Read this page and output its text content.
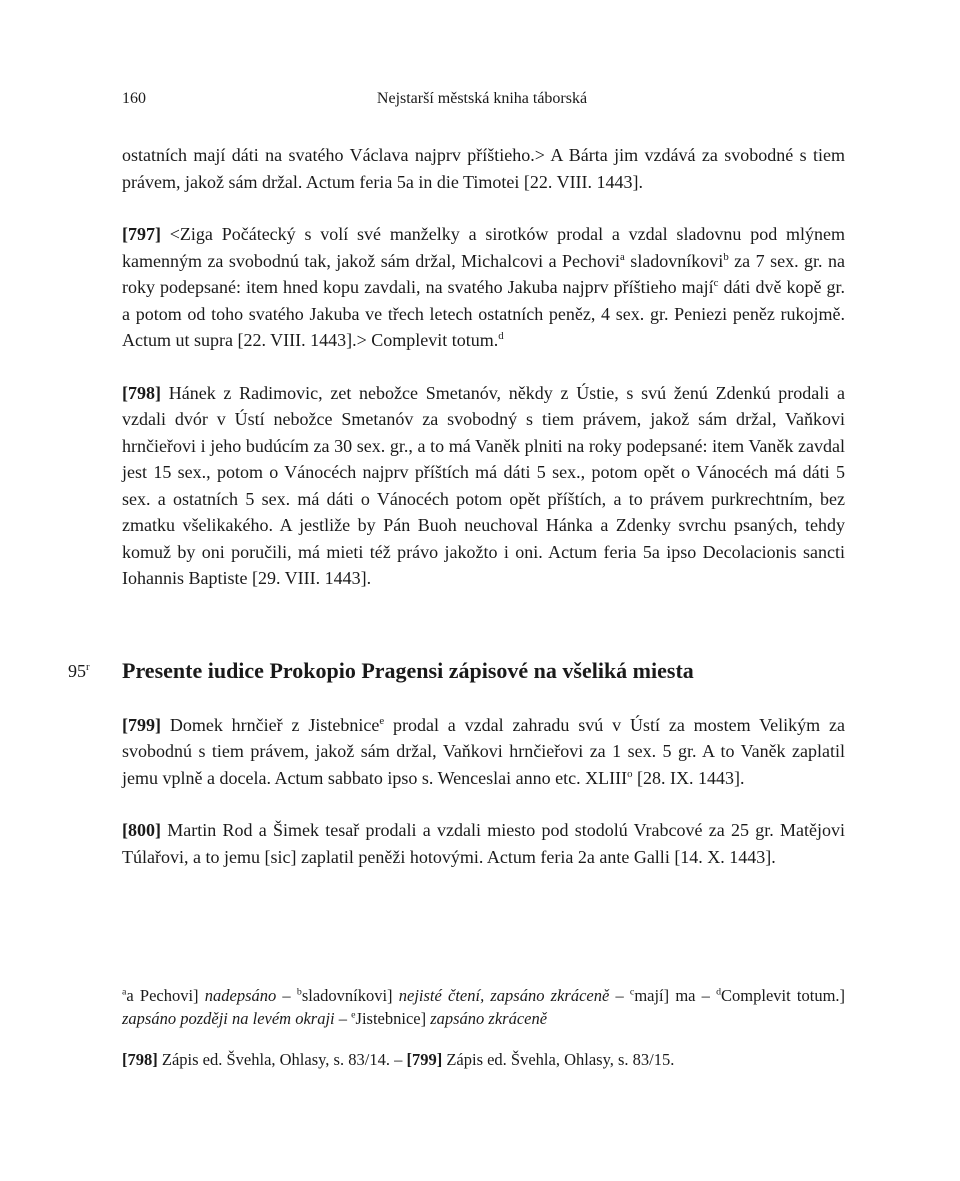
160	Nejstarší městská kniha táborská

ostatních mají dáti na svatého Václava najprv příštieho.> A Bárta jim vzdává za svobodné s tiem právem, jakož sám držal. Actum feria 5a in die Timotei [22. VIII. 1443].

[797] <Ziga Počátecký s volí své manželky a sirotków prodal a vzdal sladovnu pod mlýnem kamenným za svobodnú tak, jakož sám držal, Michalcovi a Pechovi$^a$ sladovníkovi$^b$ za 7 sex. gr. na roky podepsané: item hned kopu zavdali, na svatého Jakuba najprv příštieho mají$^c$ dáti dvě kopě gr. a potom od toho svatého Jakuba ve třech letech ostatních peněz, 4 sex. gr. Peniezi peněz rukojmě. Actum ut supra [22. VIII. 1443].> Complevit totum.$^d$

[798] Hánek z Radimovic, zet nebožce Smetanóv, někdy z Ústie, s svú ženú Zdenkú prodali a vzdali dvór v Ústí nebožce Smetanóv za svobodný s tiem právem, jakož sám držal, Vaňkovi hrnčieřovi i jeho budúcím za 30 sex. gr., a to má Vaněk plniti na roky podepsané: item Vaněk zavdal jest 15 sex., potom o Vánocéch najprv příštích má dáti 5 sex., potom opět o Vánocéch má dáti 5 sex. a ostatních 5 sex. má dáti o Vánocéch potom opět příštích, a to právem purkrechtním, bez zmatku všelikakého. A jestliže by Pán Buoh neuchoval Hánka a Zdenky svrchu psaných, tehdy komuž by oni poručili, má mieti též právo jakožto i oni. Actum feria 5a ipso Decolacionis sancti Iohannis Baptiste [29. VIII. 1443].

95$^r$ Presente iudice Prokopio Pragensi zápisové na všeliká miesta

[799] Domek hrnčieř z Jistebnice$^e$ prodal a vzdal zahradu svú v Ústí za mostem Velikým za svobodnú s tiem právem, jakož sám držal, Vaňkovi hrnčieřovi za 1 sex. 5 gr. A to Vaněk zaplatil jemu vplně a docela. Actum sabbato ipso s. Wenceslai anno etc. XLIII$^o$ [28. IX. 1443].

[800] Martin Rod a Šimek tesař prodali a vzdali miesto pod stodolú Vrabcové za 25 gr. Matějovi Túlařovi, a to jemu [sic] zaplatil peněži hotovými. Actum feria 2a ante Galli [14. X. 1443].

$^a$a Pechovi] nadepsáno – $^b$sladovníkovi] nejisté čtení, zapsáno zkráceně – $^c$mají] ma – $^d$Complevit totum.] zapsáno později na levém okraji – $^e$Jistebnice] zapsáno zkráceně

[798] Zápis ed. Švehla, Ohlasy, s. 83/14. – [799] Zápis ed. Švehla, Ohlasy, s. 83/15.
